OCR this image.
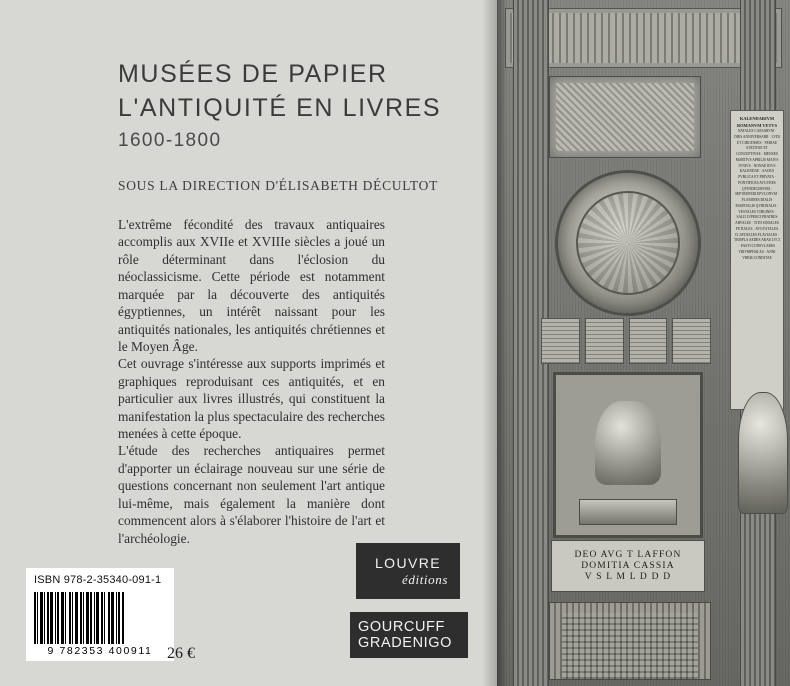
MUSÉES DE PAPIER
L'ANTIQUITÉ EN LIVRES
1600-1800
SOUS LA DIRECTION D'ÉLISABETH DÉCULTOT

L'extrême fécondité des travaux antiquaires accomplis aux XVIIe et XVIIIe siècles a joué un rôle déterminant dans l'éclosion du néoclassicisme. Cette période est notamment marquée par la découverte des antiquités égyptiennes, un intérêt naissant pour les antiquités nationales, les antiquités chrétiennes et le Moyen Âge.

Cet ouvrage s'intéresse aux supports imprimés et graphiques reproduisant ces antiquités, et en particulier aux livres illustrés, qui constituent la manifestation la plus spectaculaire des recherches menées à cette époque.

L'étude des recherches antiquaires permet d'apporter un éclairage nouveau sur une série de questions concernant non seulement l'art antique lui-même, mais également la manière dont commencent alors à s'élaborer l'histoire de l'art et l'archéologie.

ISBN 978-2-35340-091-1
9 782353 400911 26 €
LOUVRE
éditions
GOURCUFF
GRADENIGO
DEO AVG T LAFFON
DOMITIA CASSIA
V S L M L D D D
KALENDARIVM
ROMANVM VETVS
NATALES CAESARVM · DIES ANNIVERSARII · LVDI ET CIRCENSES · FERIAE STATIVAE ET CONCEPTIVAE · MENSES MARTIVS APRILIS MAIVS IVNIVS · NONAE IDVS KALENDAE · SACRA PVBLICA ET PRIVATA · PONTIFICES AVGVRES QVINDECIMVIRI · SEPTEMVIRI EPVLONVM · FLAMINES DIALIS MARTIALIS QVIRINALIS · VESTALES VIRGINES · SALII LVPERCI FRATRES ARVALES · TITII SODALES FETIALES · AVGVSTALES CLAVDIALES FLAVIALES · TEMPLA AEDES ARAE LVCI · FASTI CONSVLARES TRIVMPHALES · ANNI VRBIS CONDITAE
